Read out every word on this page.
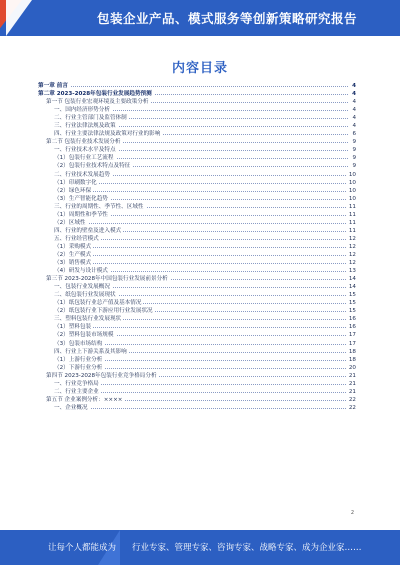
包装企业产品、模式服务等创新策略研究报告
内容目录
第一章 前言	4
第二章 2023-2028年包装行业发展趋势预测	4
第一节 包装行业宏观环境及主要政策分析	4
一、国内经济形势分析	4
二、行业主管部门及监管体制	4
三、行业法律法规及政策	4
四、行业主要法律法规及政策对行业的影响	6
第二节 包装行业技术发展分析	9
一、行业技术水平及特点	9
（1）包装行业工艺流程	9
（2）包装行业技术特点及特征	9
二、行业技术发展趋势	10
（1）印刷数字化	10
（2）绿色环保	10
（3）生产智能化趋势	10
三、行业的周期性、季节性、区域性	11
（1）周期性和季节性	11
（2）区域性	11
四、行业的壁垒及进入模式	11
五、行业经营模式	12
（1）采购模式	12
（2）生产模式	12
（3）销售模式	12
（4）研发与设计模式	13
第三节 2023-2028年中国包装行业发展前景分析	14
一、包装行业发展概况	14
二、纸包装行业发展现状	15
（1）纸包装行业总产值及基本情况	15
（2）纸包装行业下游应用行业发展状况	15
三、塑料包装行业发展现状	16
（1）塑料包装	16
（2）塑料包装市场规模	17
（3）包装市场结构	17
四、行业上下游关系及其影响	18
（1）上游行业分析	18
（2）下游行业分析	20
第四节 2023-2028年包装行业竞争格局分析	21
一、行业竞争格局	21
二、行业主要企业	21
第五节 企业案例分析：××××	22
一、企业概况	22
2
让每个人都能成为 行业专家、管理专家、咨询专家、战略专家、成为企业家……
